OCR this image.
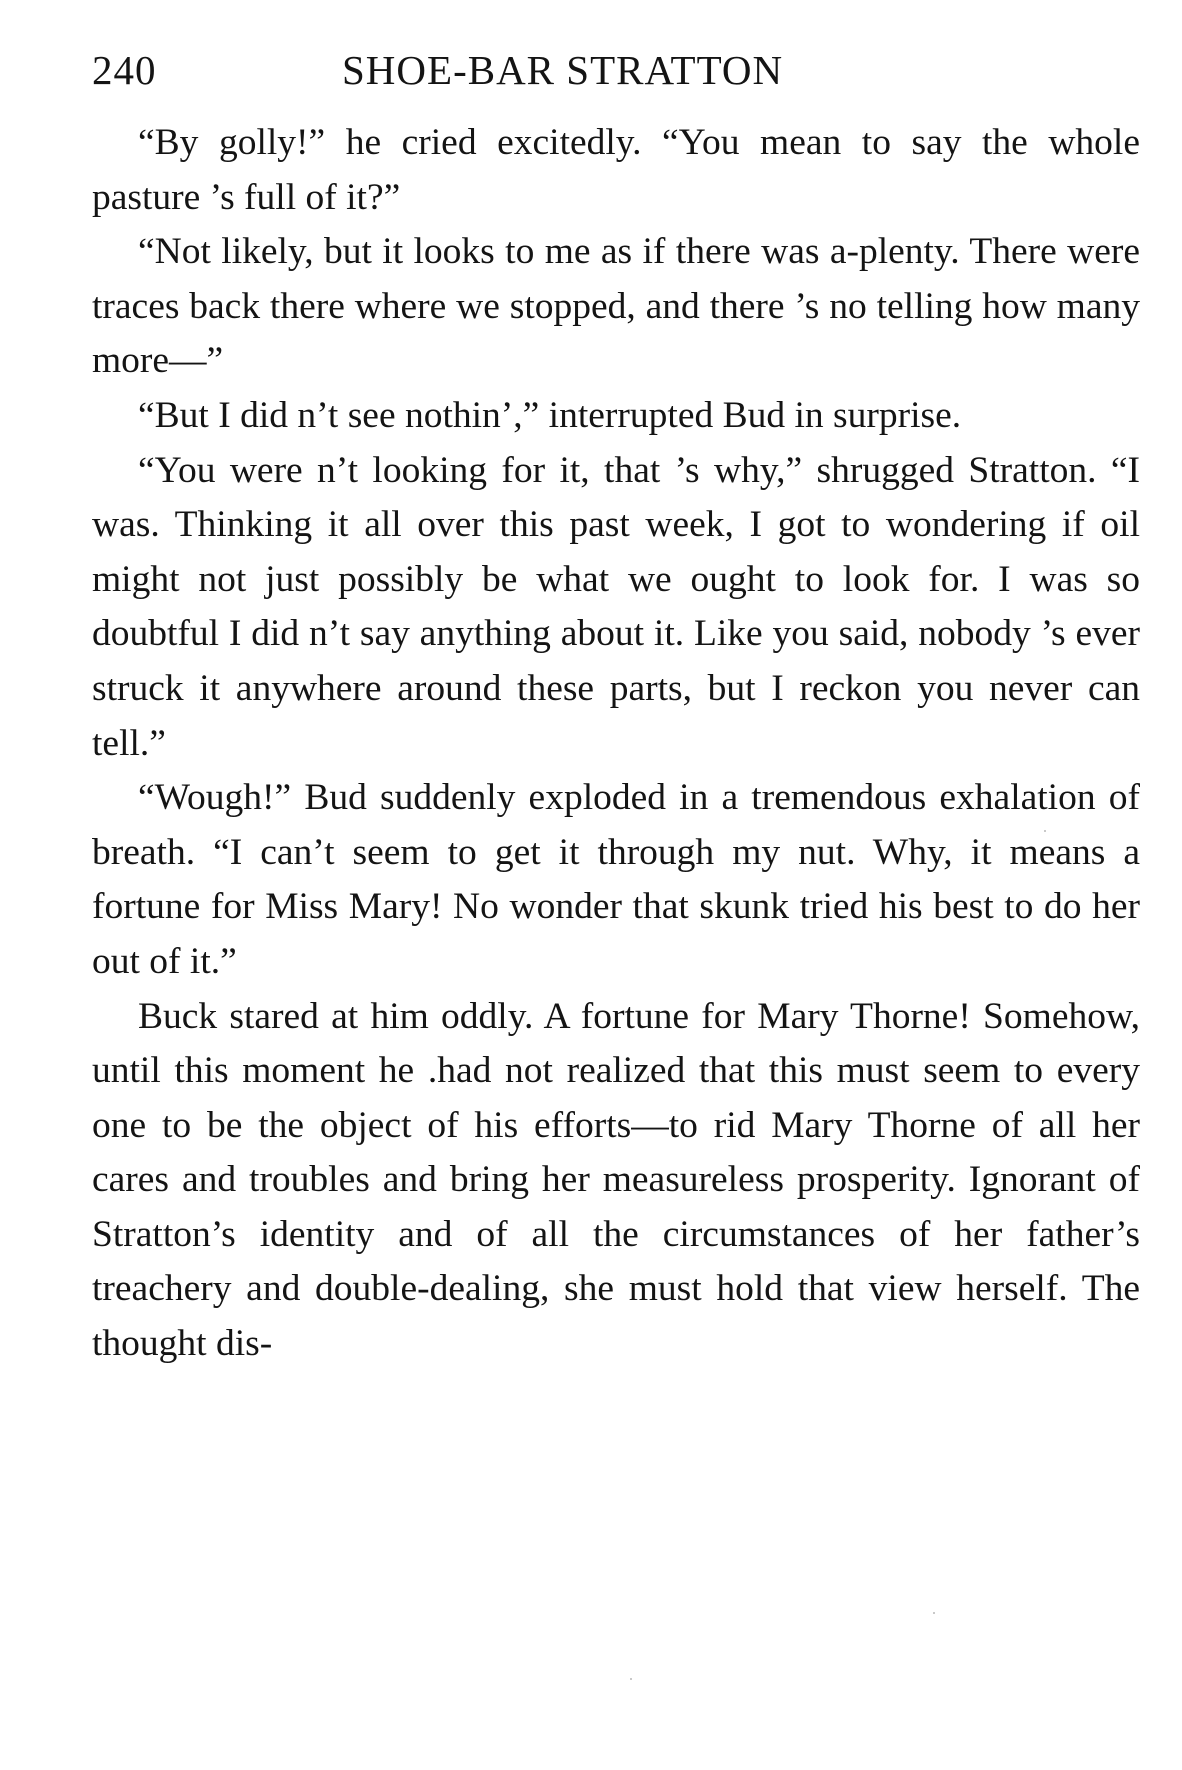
240	SHOE-BAR STRATTON

“By golly!” he cried excitedly. “You mean to say the whole pasture ’s full of it?”

“Not likely, but it looks to me as if there was a-plenty. There were traces back there where we stopped, and there ’s no telling how many more—”

“But I did n’t see nothin’,” interrupted Bud in surprise.

“You were n’t looking for it, that ’s why,” shrugged Stratton. “I was. Thinking it all over this past week, I got to wondering if oil might not just possibly be what we ought to look for. I was so doubtful I did n’t say anything about it. Like you said, nobody ’s ever struck it anywhere around these parts, but I reckon you never can tell.”

“Wough!” Bud suddenly exploded in a tremendous exhalation of breath. “I can’t seem to get it through my nut. Why, it means a fortune for Miss Mary! No wonder that skunk tried his best to do her out of it.”

Buck stared at him oddly. A fortune for Mary Thorne! Somehow, until this moment he .had not realized that this must seem to every one to be the object of his efforts—to rid Mary Thorne of all her cares and troubles and bring her measureless prosperity. Ignorant of Stratton’s identity and of all the circumstances of her father’s treachery and double-dealing, she must hold that view herself. The thought dis-
